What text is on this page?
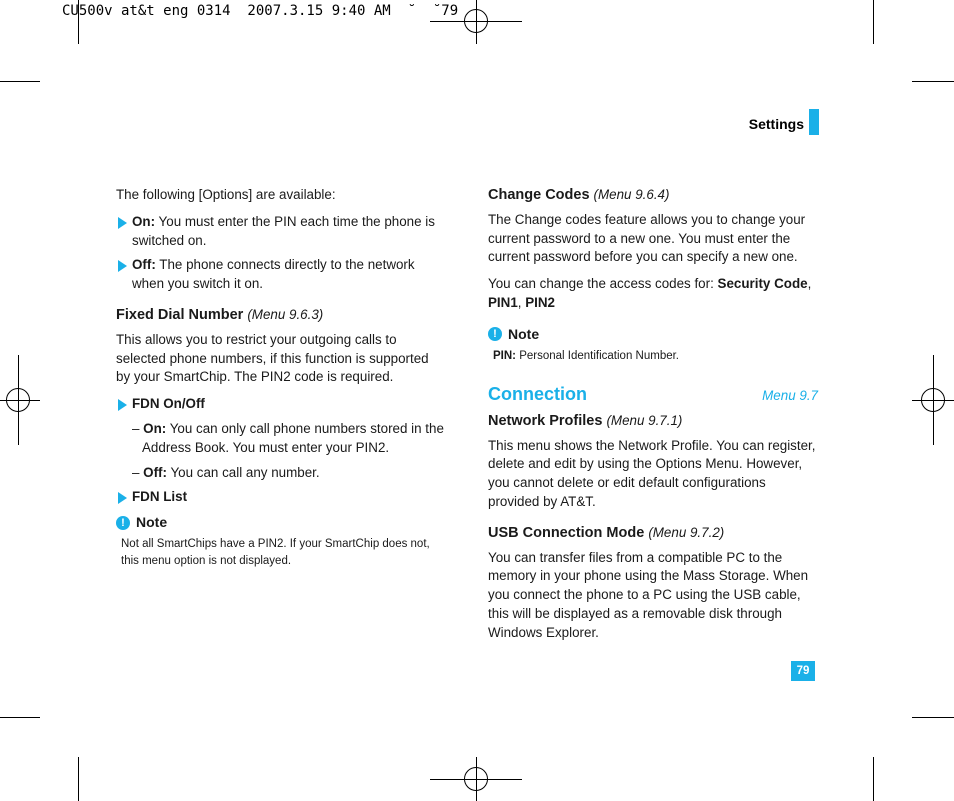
CU500v at&t eng 0314  2007.3.15 9:40 AM  ˘  ˘79
Settings

The following [Options] are available:

On: You must enter the PIN each time the phone is switched on.
Off: The phone connects directly to the network when you switch it on.
Fixed Dial Number (Menu 9.6.3)

This allows you to restrict your outgoing calls to selected phone numbers, if this function is supported by your SmartChip. The PIN2 code is required.

FDN On/Off
– On: You can only call phone numbers stored in the Address Book. You must enter your PIN2.
– Off: You can call any number.
FDN List
! Note

Not all SmartChips have a PIN2. If your SmartChip does not, this menu option is not displayed.

Change Codes (Menu 9.6.4)

The Change codes feature allows you to change your current password to a new one. You must enter the current password before you can specify a new one.

You can change the access codes for: Security Code, PIN1, PIN2

! Note

PIN: Personal Identification Number.

Connection	Menu 9.7
Network Profiles (Menu 9.7.1)

This menu shows the Network Profile. You can register, delete and edit by using the Options Menu. However, you cannot delete or edit default configurations provided by AT&T.

USB Connection Mode (Menu 9.7.2)

You can transfer files from a compatible PC to the memory in your phone using the Mass Storage. When you connect the phone to a PC using the USB cable, this will be displayed as a removable disk through Windows Explorer.

79
